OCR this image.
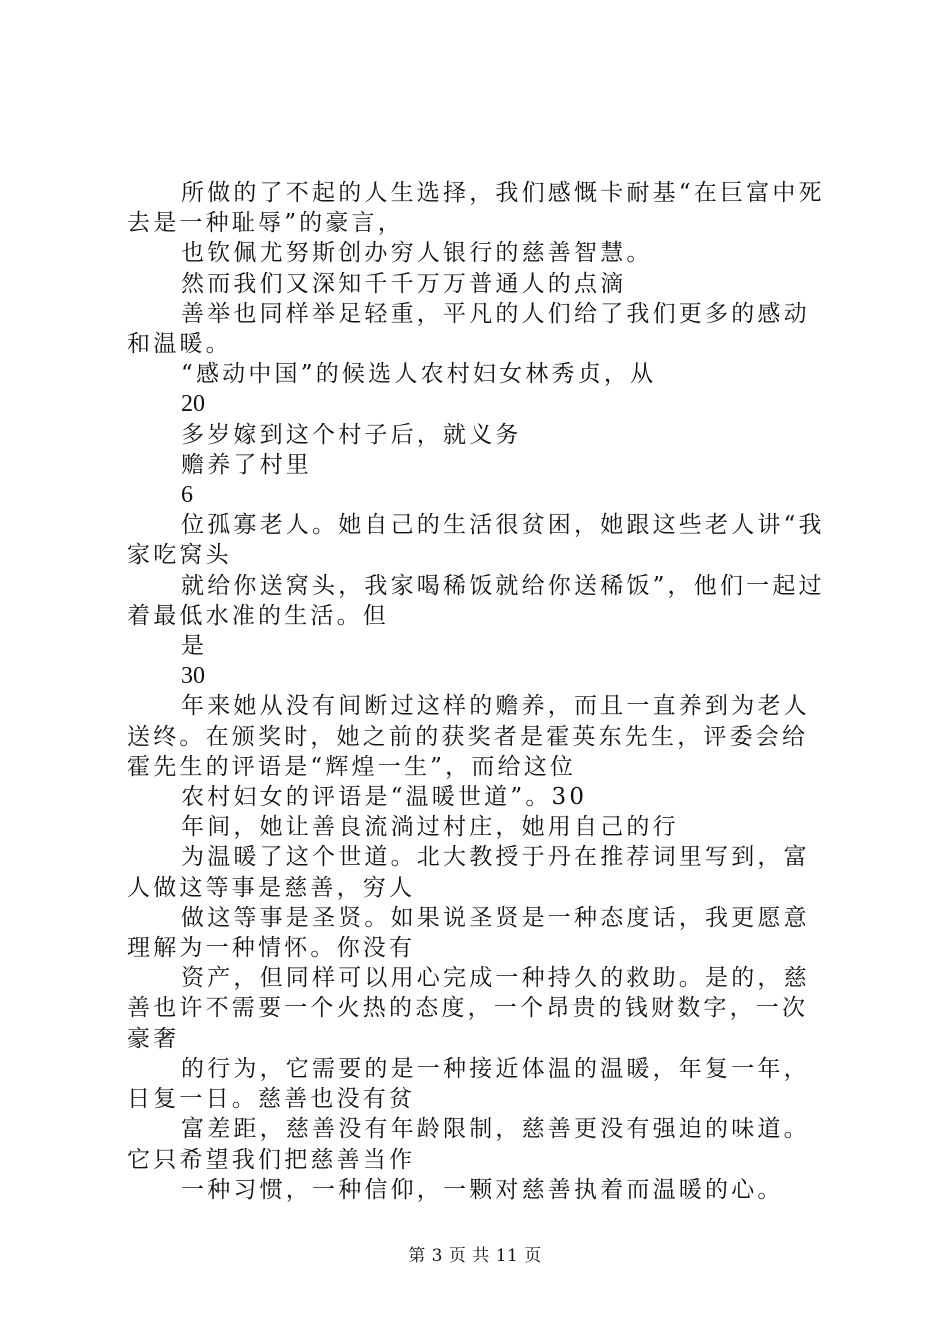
所做的了不起的人生选择，我们感慨卡耐基“在巨富中死去是一种耻辱”的豪言，

也钦佩尤努斯创办穷人银行的慈善智慧。

然而我们又深知千千万万普通人的点滴

善举也同样举足轻重，平凡的人们给了我们更多的感动和温暖。

“感动中国”的候选人农村妇女林秀贞，从

20

多岁嫁到这个村子后，就义务

赡养了村里

6

位孤寡老人。她自己的生活很贫困，她跟这些老人讲“我家吃窝头

就给你送窝头，我家喝稀饭就给你送稀饭”，他们一起过着最低水准的生活。但

是

30

年来她从没有间断过这样的赡养，而且一直养到为老人送终。在颁奖时，她之前的获奖者是霍英东先生，评委会给霍先生的评语是“辉煌一生”，而给这位

农村妇女的评语是“温暖世道”。30

年间，她让善良流淌过村庄，她用自己的行

为温暖了这个世道。北大教授于丹在推荐词里写到，富人做这等事是慈善，穷人

做这等事是圣贤。如果说圣贤是一种态度话，我更愿意理解为一种情怀。你没有

资产，但同样可以用心完成一种持久的救助。是的，慈善也许不需要一个火热的态度，一个昂贵的钱财数字，一次豪奢

的行为，它需要的是一种接近体温的温暖，年复一年，日复一日。慈善也没有贫

富差距，慈善没有年龄限制，慈善更没有强迫的味道。它只希望我们把慈善当作

一种习惯，一种信仰，一颗对慈善执着而温暖的心。

第 3 页 共 11 页
